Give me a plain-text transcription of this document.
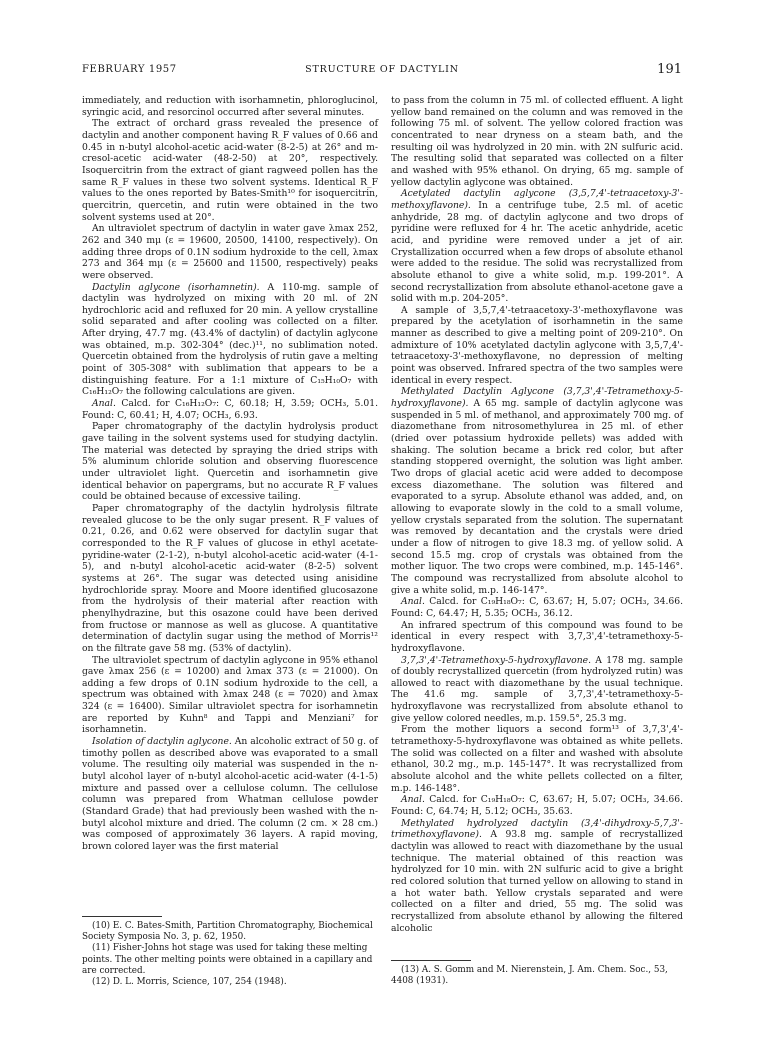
FEBRUARY 1957	STRUCTURE OF DACTYLIN	191

immediately, and reduction with isorhamnetin, phloroglucinol, syringic acid, and resorcinol occurred after several minutes.

The extract of orchard grass revealed the presence of dactylin and another component having R_F values of 0.66 and 0.45 in n-butyl alcohol-acetic acid-water (8-2-5) at 26° and m-cresol-acetic acid-water (48-2-50) at 20°, respectively. Isoquercitrin from the extract of giant ragweed pollen has the same R_F values in these two solvent systems. Identical R_F values to the ones reported by Bates-Smith¹⁰ for isoquercitrin, quercitrin, quercetin, and rutin were obtained in the two solvent systems used at 20°.

An ultraviolet spectrum of dactylin in water gave λmax 252, 262 and 340 mμ (ε = 19600, 20500, 14100, respectively). On adding three drops of 0.1N sodium hydroxide to the cell, λmax 273 and 364 mμ (ε = 25600 and 11500, respectively) peaks were observed.

Dactylin aglycone (isorhamnetin). A 110-mg. sample of dactylin was hydrolyzed on mixing with 20 ml. of 2N hydrochloric acid and refluxed for 20 min. A yellow crystalline solid separated and after cooling was collected on a filter. After drying, 47.7 mg. (43.4% of dactylin) of dactylin aglycone was obtained, m.p. 302-304° (dec.)¹¹, no sublimation noted. Quercetin obtained from the hydrolysis of rutin gave a melting point of 305-308° with sublimation that appears to be a distinguishing feature. For a 1:1 mixture of C₁₅H₁₀O₇ with C₁₆H₁₂O₇ the following calculations are given.

Anal. Calcd. for C₁₆H₁₂O₇: C, 60.18; H, 3.59; OCH₃, 5.01. Found: C, 60.41; H, 4.07; OCH₃, 6.93.

Paper chromatography of the dactylin hydrolysis product gave tailing in the solvent systems used for studying dactylin. The material was detected by spraying the dried strips with 5% aluminum chloride solution and observing fluorescence under ultraviolet light. Quercetin and isorhamnetin give identical behavior on papergrams, but no accurate R_F values could be obtained because of excessive tailing.

Paper chromatography of the dactylin hydrolysis filtrate revealed glucose to be the only sugar present. R_F values of 0.21, 0.26, and 0.62 were observed for dactylin sugar that corresponded to the R_F values of glucose in ethyl acetate-pyridine-water (2-1-2), n-butyl alcohol-acetic acid-water (4-1-5), and n-butyl alcohol-acetic acid-water (8-2-5) solvent systems at 26°. The sugar was detected using anisidine hydrochloride spray. Moore and Moore identified glucosazone from the hydrolysis of their material after reaction with phenylhydrazine, but this osazone could have been derived from fructose or mannose as well as glucose. A quantitative determination of dactylin sugar using the method of Morris¹² on the filtrate gave 58 mg. (53% of dactylin).

The ultraviolet spectrum of dactylin aglycone in 95% ethanol gave λmax 256 (ε = 10200) and λmax 373 (ε = 21000). On adding a few drops of 0.1N sodium hydroxide to the cell, a spectrum was obtained with λmax 248 (ε = 7020) and λmax 324 (ε = 16400). Similar ultraviolet spectra for isorhamnetin are reported by Kuhn⁸ and Tappi and Menziani⁷ for isorhamnetin.

Isolation of dactylin aglycone. An alcoholic extract of 50 g. of timothy pollen as described above was evaporated to a small volume. The resulting oily material was suspended in the n-butyl alcohol layer of n-butyl alcohol-acetic acid-water (4-1-5) mixture and passed over a cellulose column. The cellulose column was prepared from Whatman cellulose powder (Standard Grade) that had previously been washed with the n-butyl alcohol mixture and dried. The column (2 cm. × 28 cm.) was composed of approximately 36 layers. A rapid moving, brown colored layer was the first material

(10) E. C. Bates-Smith, Partition Chromatography, Biochemical Society Symposia No. 3, p. 62, 1950.

(11) Fisher-Johns hot stage was used for taking these melting points. The other melting points were obtained in a capillary and are corrected.

(12) D. L. Morris, Science, 107, 254 (1948).

to pass from the column in 75 ml. of collected effluent. A light yellow band remained on the column and was removed in the following 75 ml. of solvent. The yellow colored fraction was concentrated to near dryness on a steam bath, and the resulting oil was hydrolyzed in 20 min. with 2N sulfuric acid. The resulting solid that separated was collected on a filter and washed with 95% ethanol. On drying, 65 mg. sample of yellow dactylin aglycone was obtained.

Acetylated dactylin aglycone (3,5,7,4'-tetraacetoxy-3'-methoxyflavone). In a centrifuge tube, 2.5 ml. of acetic anhydride, 28 mg. of dactylin aglycone and two drops of pyridine were refluxed for 4 hr. The acetic anhydride, acetic acid, and pyridine were removed under a jet of air. Crystallization occurred when a few drops of absolute ethanol were added to the residue. The solid was recrystallized from absolute ethanol to give a white solid, m.p. 199-201°. A second recrystallization from absolute ethanol-acetone gave a solid with m.p. 204-205°.

A sample of 3,5,7,4'-tetraacetoxy-3'-methoxyflavone was prepared by the acetylation of isorhamnetin in the same manner as described to give a melting point of 209-210°. On admixture of 10% acetylated dactylin aglycone with 3,5,7,4'-tetraacetoxy-3'-methoxyflavone, no depression of melting point was observed. Infrared spectra of the two samples were identical in every respect.

Methylated Dactylin Aglycone (3,7,3',4'-Tetramethoxy-5-hydroxyflavone). A 65 mg. sample of dactylin aglycone was suspended in 5 ml. of methanol, and approximately 700 mg. of diazomethane from nitrosomethylurea in 25 ml. of ether (dried over potassium hydroxide pellets) was added with shaking. The solution became a brick red color, but after standing stoppered overnight, the solution was light amber. Two drops of glacial acetic acid were added to decompose excess diazomethane. The solution was filtered and evaporated to a syrup. Absolute ethanol was added, and, on allowing to evaporate slowly in the cold to a small volume, yellow crystals separated from the solution. The supernatant was removed by decantation and the crystals were dried under a flow of nitrogen to give 18.3 mg. of yellow solid. A second 15.5 mg. crop of crystals was obtained from the mother liquor. The two crops were combined, m.p. 145-146°. The compound was recrystallized from absolute alcohol to give a white solid, m.p. 146-147°.

Anal. Calcd. for C₁₉H₁₈O₇: C, 63.67; H, 5.07; OCH₃, 34.66. Found: C, 64.47; H, 5.35; OCH₃, 36.12.

An infrared spectrum of this compound was found to be identical in every respect with 3,7,3',4'-tetramethoxy-5-hydroxyflavone.

3,7,3',4'-Tetramethoxy-5-hydroxyflavone. A 178 mg. sample of doubly recrystallized quercetin (from hydrolyzed rutin) was allowed to react with diazomethane by the usual technique. The 41.6 mg. sample of 3,7,3',4'-tetramethoxy-5-hydroxyflavone was recrystallized from absolute ethanol to give yellow colored needles, m.p. 159.5°, 25.3 mg.

From the mother liquors a second form¹³ of 3,7,3',4'-tetramethoxy-5-hydroxyflavone was obtained as white pellets. The solid was collected on a filter and washed with absolute ethanol, 30.2 mg., m.p. 145-147°. It was recrystallized from absolute alcohol and the white pellets collected on a filter, m.p. 146-148°.

Anal. Calcd. for C₁₉H₁₈O₇: C, 63.67; H, 5.07; OCH₃, 34.66. Found: C, 64.74; H, 5.12; OCH₃, 35.63.

Methylated hydrolyzed dactylin (3,4'-dihydroxy-5,7,3'-trimethoxyflavone). A 93.8 mg. sample of recrystallized dactylin was allowed to react with diazomethane by the usual technique. The material obtained of this reaction was hydrolyzed for 10 min. with 2N sulfuric acid to give a bright red colored solution that turned yellow on allowing to stand in a hot water bath. Yellow crystals separated and were collected on a filter and dried, 55 mg. The solid was recrystallized from absolute ethanol by allowing the filtered alcoholic

(13) A. S. Gomm and M. Nierenstein, J. Am. Chem. Soc., 53, 4408 (1931).
